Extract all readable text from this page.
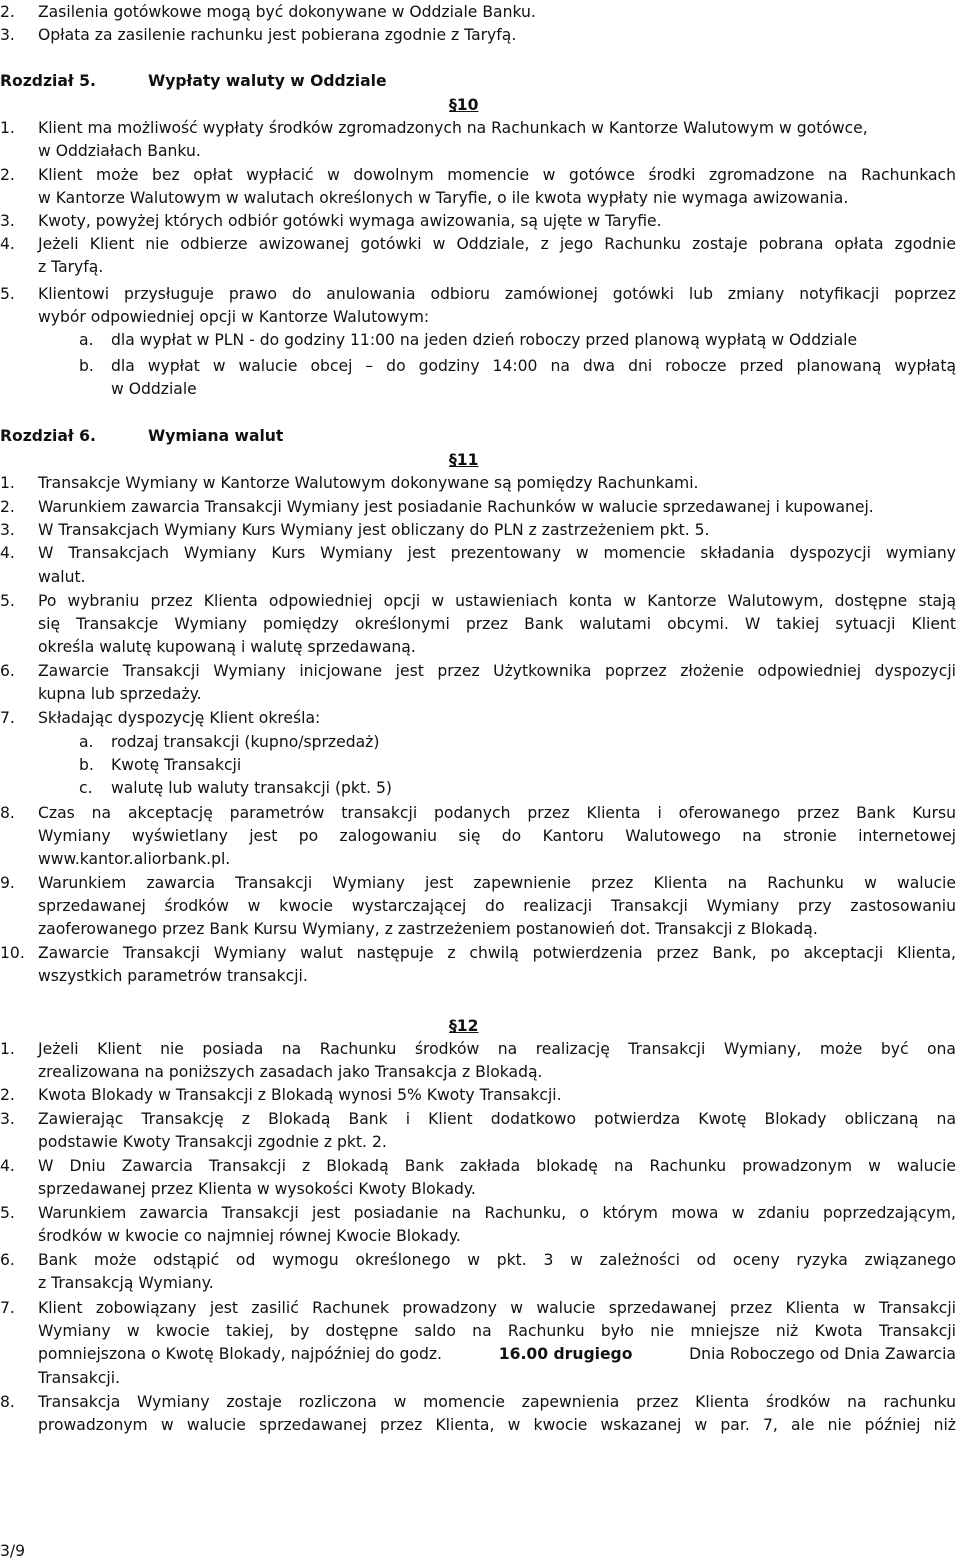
2. Zasilenia gotówkowe mogą być dokonywane w Oddziale Banku.
3. Opłata za zasilenie rachunku jest pobierana zgodnie z Taryfą.
Rozdział 5.	Wypłaty waluty w Oddziale
§10
1. Klient ma możliwość wypłaty środków zgromadzonych na Rachunkach w Kantorze Walutowym w gotówce,
w Oddziałach Banku.
2. Klient może bez opłat wypłacić w dowolnym momencie w gotówce środki zgromadzone na Rachunkach
w Kantorze Walutowym w walutach określonych w Taryfie, o ile kwota wypłaty nie wymaga awizowania.
3. Kwoty, powyżej których odbiór gotówki wymaga awizowania, są ujęte w Taryfie.
4. Jeżeli Klient nie odbierze awizowanej gotówki w Oddziale, z jego Rachunku zostaje pobrana opłata zgodnie
z Taryfą.
5. Klientowi przysługuje prawo do anulowania odbioru zamówionej gotówki lub zmiany notyfikacji poprzez
wybór odpowiedniej opcji w Kantorze Walutowym:
a. dla wypłat w PLN - do godziny 11:00 na jeden dzień roboczy przed planową wypłatą w Oddziale
b. dla wypłat w walucie obcej – do godziny 14:00 na dwa dni robocze przed planowaną wypłatą
w Oddziale
Rozdział 6.	Wymiana walut
§11
1. Transakcje Wymiany w Kantorze Walutowym dokonywane są pomiędzy Rachunkami.
2. Warunkiem zawarcia Transakcji Wymiany jest posiadanie Rachunków w walucie sprzedawanej i kupowanej.
3. W Transakcjach Wymiany Kurs Wymiany jest obliczany do PLN z zastrzeżeniem pkt. 5.
4. W Transakcjach Wymiany Kurs Wymiany jest prezentowany w momencie składania dyspozycji wymiany
walut.
5. Po wybraniu przez Klienta odpowiedniej opcji w ustawieniach konta w Kantorze Walutowym, dostępne stają
się Transakcje Wymiany pomiędzy określonymi przez Bank walutami obcymi. W takiej sytuacji Klient
określa walutę kupowaną i walutę sprzedawaną.
6. Zawarcie Transakcji Wymiany inicjowane jest przez Użytkownika poprzez złożenie odpowiedniej dyspozycji
kupna lub sprzedaży.
7. Składając dyspozycję Klient określa:
a. rodzaj transakcji (kupno/sprzedaż)
b. Kwotę Transakcji
c. walutę lub waluty transakcji (pkt. 5)
8. Czas na akceptację parametrów transakcji podanych przez Klienta i oferowanego przez Bank Kursu
Wymiany wyświetlany jest po zalogowaniu się do Kantoru Walutowego na stronie internetowej
www.kantor.aliorbank.pl.
9. Warunkiem zawarcia Transakcji Wymiany jest zapewnienie przez Klienta na Rachunku w walucie
sprzedawanej środków w kwocie wystarczającej do realizacji Transakcji Wymiany przy zastosowaniu
zaoferowanego przez Bank Kursu Wymiany, z zastrzeżeniem postanowień dot. Transakcji z Blokadą.
10. Zawarcie Transakcji Wymiany walut następuje z chwilą potwierdzenia przez Bank, po akceptacji Klienta,
wszystkich parametrów transakcji.
§12
1. Jeżeli Klient nie posiada na Rachunku środków na realizację Transakcji Wymiany, może być ona
zrealizowana na poniższych zasadach jako Transakcja z Blokadą.
2. Kwota Blokady w Transakcji z Blokadą wynosi 5% Kwoty Transakcji.
3. Zawierając Transakcję z Blokadą Bank i Klient dodatkowo potwierdza Kwotę Blokady obliczaną na
podstawie Kwoty Transakcji zgodnie z pkt. 2.
4. W Dniu Zawarcia Transakcji z Blokadą Bank zakłada blokadę na Rachunku prowadzonym w walucie
sprzedawanej przez Klienta w wysokości Kwoty Blokady.
5. Warunkiem zawarcia Transakcji jest posiadanie na Rachunku, o którym mowa w zdaniu poprzedzającym,
środków w kwocie co najmniej równej Kwocie Blokady.
6. Bank może odstąpić od wymogu określonego w pkt. 3 w zależności od oceny ryzyka związanego
z Transakcją Wymiany.
7. Klient zobowiązany jest zasilić Rachunek prowadzony w walucie sprzedawanej przez Klienta w Transakcji
Wymiany w kwocie takiej, by dostępne saldo na Rachunku było nie mniejsze niż Kwota Transakcji
pomniejszona o Kwotę Blokady, najpóźniej do godz.	16.00 drugiego	Dnia Roboczego od Dnia Zawarcia
Transakcji.
8. Transakcja Wymiany zostaje rozliczona w momencie zapewnienia przez Klienta środków na rachunku
prowadzonym w walucie sprzedawanej przez Klienta, w kwocie wskazanej w par. 7, ale nie później niż
3/9
